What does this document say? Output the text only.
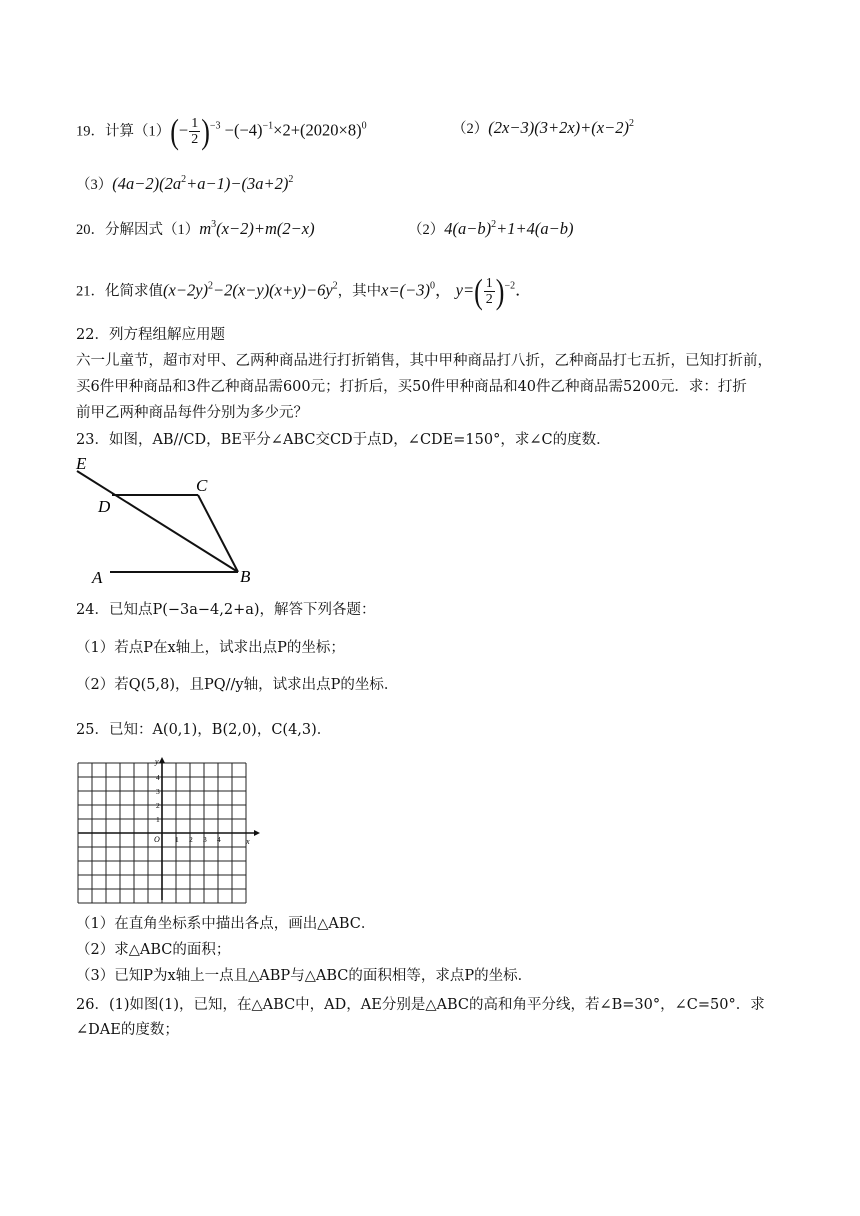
19．计算$(1)(- \frac{1}{2} )^{-3} -(-4)^{-1}\times 2+(2020\times 8)^0$	$(2)(2x-3)(3+2x)+(x-2)^2$
$(3)(4a-2)(2a^2+a-1)-(3a+2)^2$
20．分解因式$(1)m^3(x-2)+m(2-x)$	$(2)4(a-b)^2+1+4(a-b)$
21．化简求值$(x-2y)^2-2(x-y)(x+y)-6y^2$，其中$x=(-3)^0$， $y=( \frac{1}{2} )^{-2}$．
22．列方程组解应用题
六一儿童节，超市对甲、乙两种商品进行打折销售，其中甲种商品打八折，乙种商品打七五折，已知打折前，
买6件甲种商品和3件乙种商品需600元；打折后，买50件甲种商品和40件乙种商品需5200元．求：打折
前甲乙两种商品每件分别为多少元？
23．如图，AB//CD，BE平分∠ABC交CD于点D，∠CDE=150°，求∠C的度数．
E
C
D
A	B
24．已知点P(−3a−4,2+a)，解答下列各题：
（1）若点P在x轴上，试求出点P的坐标；
（2）若Q(5,8)，且PQ//y轴，试求出点P的坐标．
25．已知：A(0,1)，B(2,0)，C(4,3)．
x
y
O 1 2 3 4
1
2
3
4
（1）在直角坐标系中描出各点，画出△ABC．
（2）求△ABC的面积；
（3）已知P为x轴上一点且△ABP与△ABC的面积相等，求点P的坐标．
26．(1)如图(1)，已知，在△ABC中，AD，AE分别是△ABC的高和角平分线，若∠B=30°，∠C=50°．求
∠DAE的度数；
